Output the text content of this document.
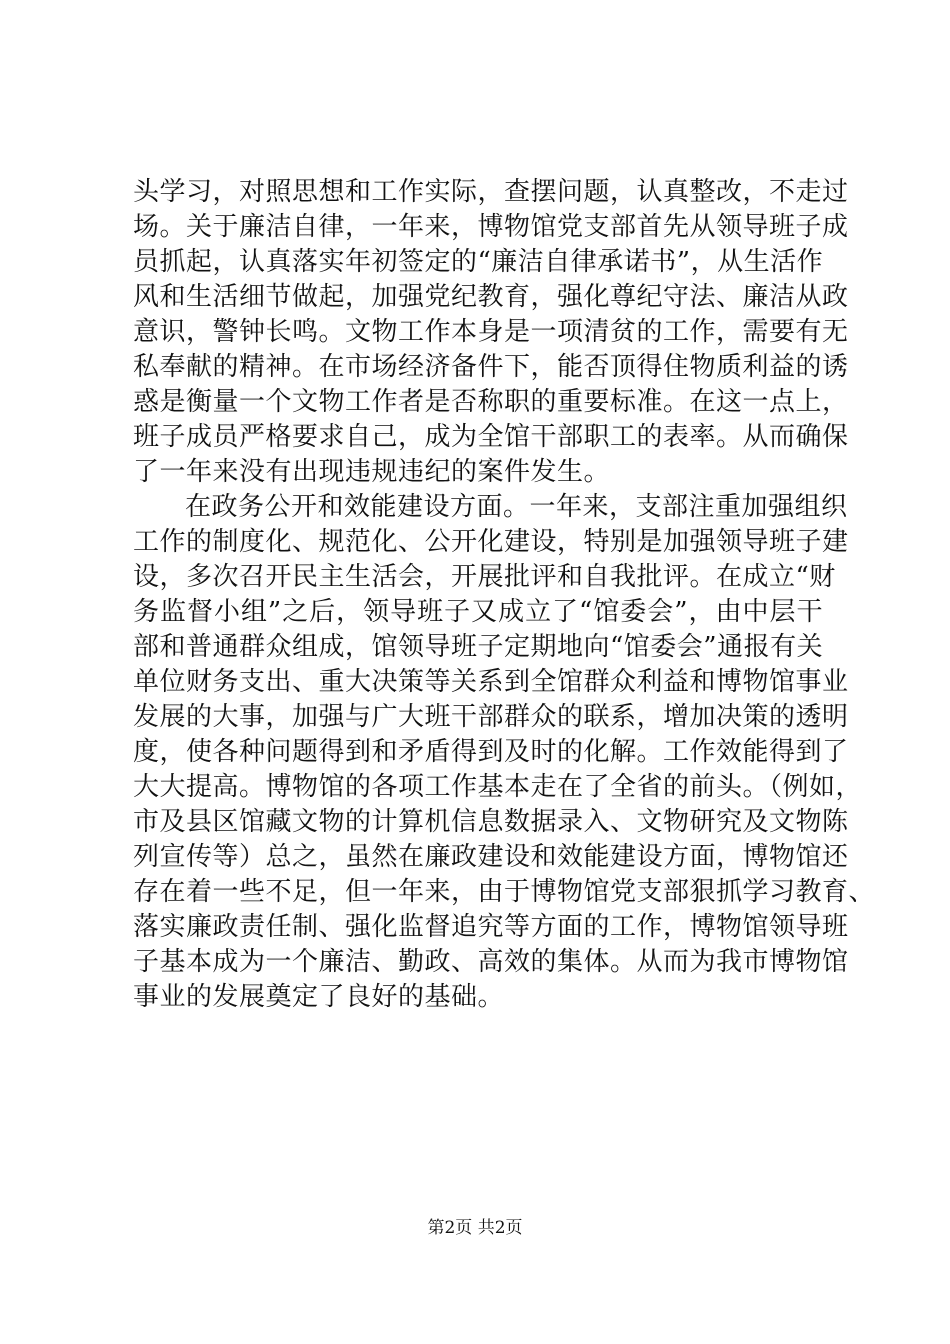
头学习，对照思想和工作实际，查摆问题，认真整改，不走过
场。关于廉洁自律，一年来，博物馆党支部首先从领导班子成
员抓起，认真落实年初签定的“廉洁自律承诺书”，从生活作
风和生活细节做起，加强党纪教育，强化尊纪守法、廉洁从政
意识，警钟长鸣。文物工作本身是一项清贫的工作，需要有无
私奉献的精神。在市场经济备件下，能否顶得住物质利益的诱
惑是衡量一个文物工作者是否称职的重要标准。在这一点上，
班子成员严格要求自己，成为全馆干部职工的表率。从而确保
了一年来没有出现违规违纪的案件发生。
在政务公开和效能建设方面。一年来，支部注重加强组织
工作的制度化、规范化、公开化建设，特别是加强领导班子建
设，多次召开民主生活会，开展批评和自我批评。在成立“财
务监督小组”之后，领导班子又成立了“馆委会”，由中层干
部和普通群众组成，馆领导班子定期地向“馆委会”通报有关
单位财务支出、重大决策等关系到全馆群众利益和博物馆事业
发展的大事，加强与广大班干部群众的联系，增加决策的透明
度，使各种问题得到和矛盾得到及时的化解。工作效能得到了
大大提高。博物馆的各项工作基本走在了全省的前头。（例如，
市及县区馆藏文物的计算机信息数据录入、文物研究及文物陈
列宣传等）总之，虽然在廉政建设和效能建设方面，博物馆还
存在着一些不足，但一年来，由于博物馆党支部狠抓学习教育、
落实廉政责任制、强化监督追究等方面的工作，博物馆领导班
子基本成为一个廉洁、勤政、高效的集体。从而为我市博物馆
事业的发展奠定了良好的基础。
第2页 共2页
